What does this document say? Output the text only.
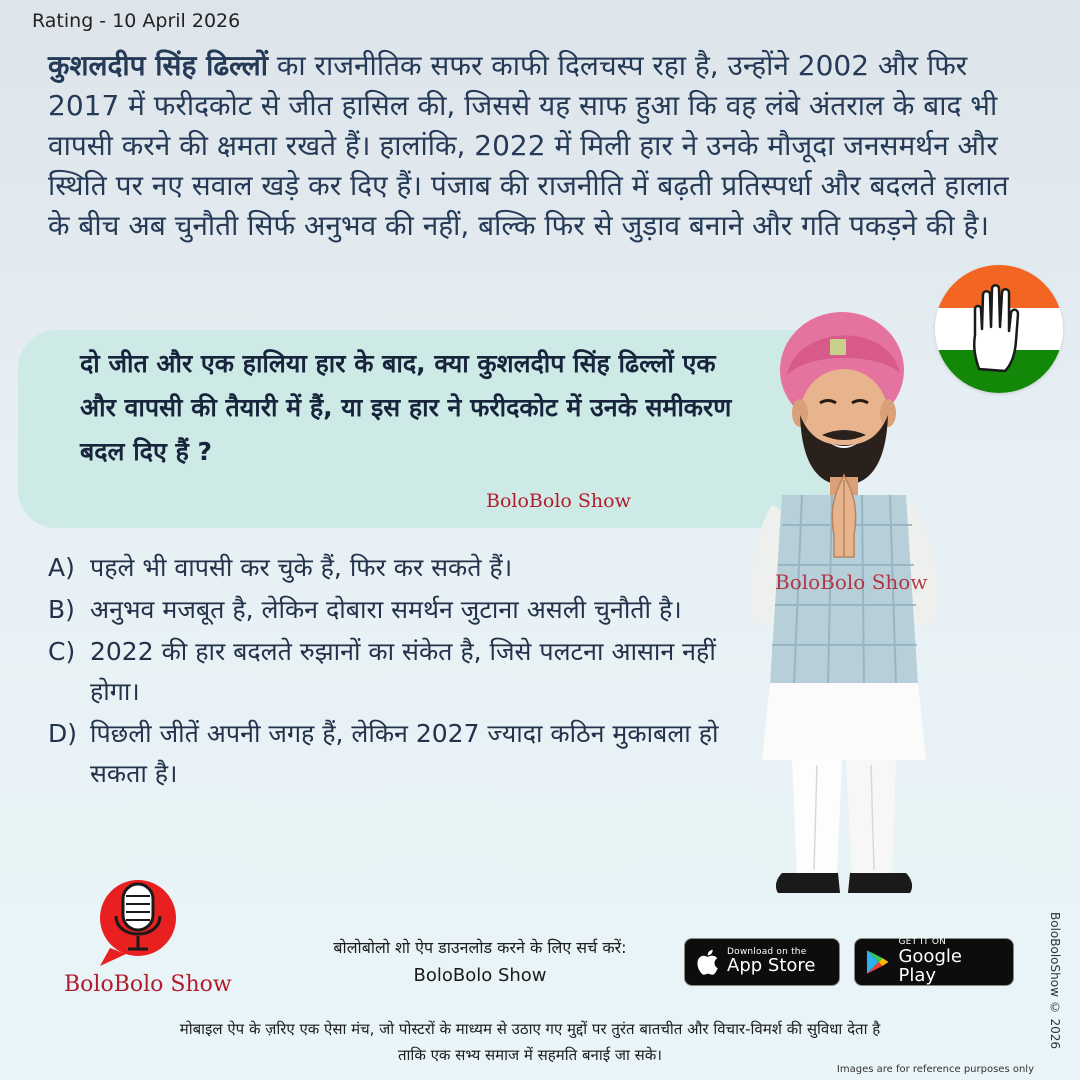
Rating - 10 April 2026
कुशलदीप सिंह ढिल्लों का राजनीतिक सफर काफी दिलचस्प रहा है, उन्होंने 2002 और फिर 2017 में फरीदकोट से जीत हासिल की, जिससे यह साफ हुआ कि वह लंबे अंतराल के बाद भी वापसी करने की क्षमता रखते हैं। हालांकि, 2022 में मिली हार ने उनके मौजूदा जनसमर्थन और स्थिति पर नए सवाल खड़े कर दिए हैं। पंजाब की राजनीति में बढ़ती प्रतिस्पर्धा और बदलते हालात के बीच अब चुनौती सिर्फ अनुभव की नहीं, बल्कि फिर से जुड़ाव बनाने और गति पकड़ने की है।
दो जीत और एक हालिया हार के बाद, क्या कुशलदीप सिंह ढिल्लों एक और वापसी की तैयारी में हैं, या इस हार ने फरीदकोट में उनके समीकरण बदल दिए हैं ?
BoloBolo Show
A) पहले भी वापसी कर चुके हैं, फिर कर सकते हैं।
B) अनुभव मजबूत है, लेकिन दोबारा समर्थन जुटाना असली चुनौती है।
C) 2022 की हार बदलते रुझानों का संकेत है, जिसे पलटना आसान नहीं होगा।
D) पिछली जीतें अपनी जगह हैं, लेकिन 2027 ज्यादा कठिन मुकाबला हो सकता है।
BoloBolo Show
BoloBolo Show
बोलोबोलो शो ऐप डाउनलोड करने के लिए सर्च करें:
BoloBolo Show
Download on the
App Store
GET IT ON
Google Play
मोबाइल ऐप के ज़रिए एक ऐसा मंच, जो पोस्टरों के माध्यम से उठाए गए मुद्दों पर तुरंत बातचीत और विचार-विमर्श की सुविधा देता है
ताकि एक सभ्य समाज में सहमति बनाई जा सके।
BoloBoloShow © 2026
Images are for reference purposes only
